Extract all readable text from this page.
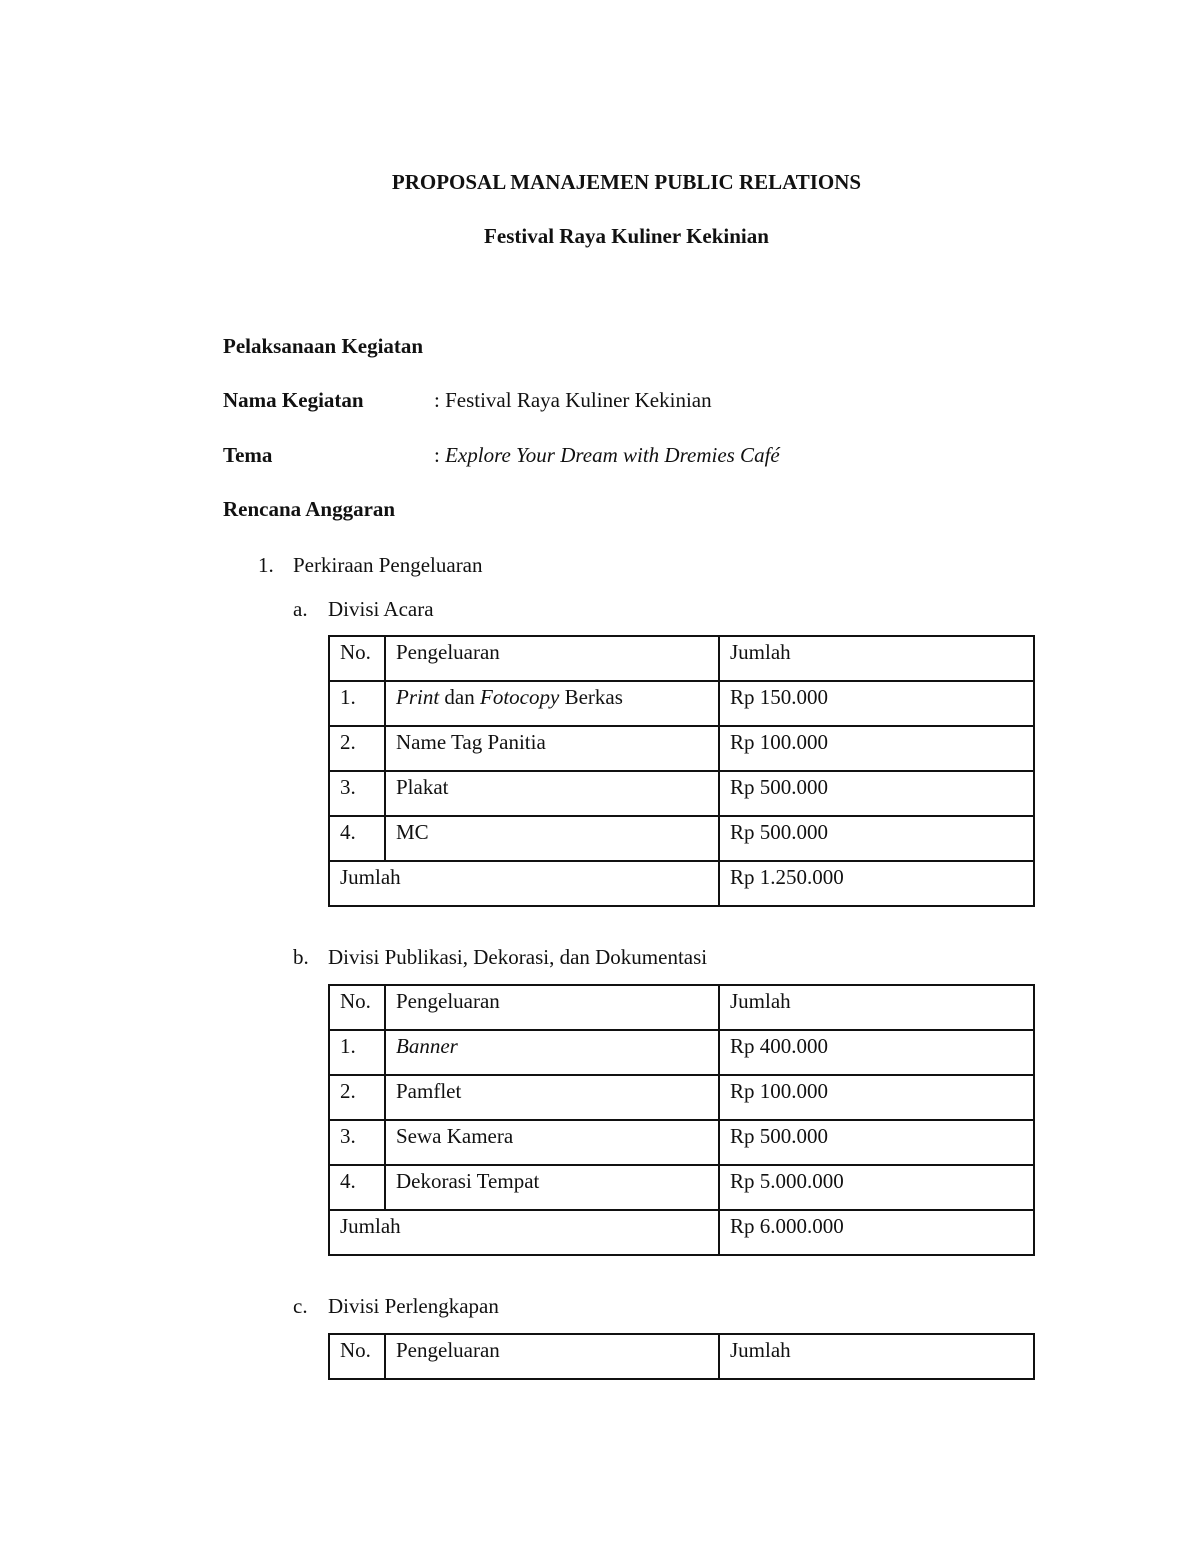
PROPOSAL MANAJEMEN PUBLIC RELATIONS
Festival Raya Kuliner Kekinian
Pelaksanaan Kegiatan
Nama Kegiatan	: Festival Raya Kuliner Kekinian
Tema	: Explore Your Dream with Dremies Café
Rencana Anggaran
1. Perkiraan Pengeluaran
a. Divisi Acara
No.	Pengeluaran	Jumlah
1.	Print dan Fotocopy Berkas	Rp 150.000
2.	Name Tag Panitia	Rp 100.000
3.	Plakat	Rp 500.000
4.	MC	Rp 500.000
Jumlah		Rp 1.250.000
b. Divisi Publikasi, Dekorasi, dan Dokumentasi
No.	Pengeluaran	Jumlah
1.	Banner	Rp 400.000
2.	Pamflet	Rp 100.000
3.	Sewa Kamera	Rp 500.000
4.	Dekorasi Tempat	Rp 5.000.000
Jumlah		Rp 6.000.000
c. Divisi Perlengkapan
No.	Pengeluaran	Jumlah
